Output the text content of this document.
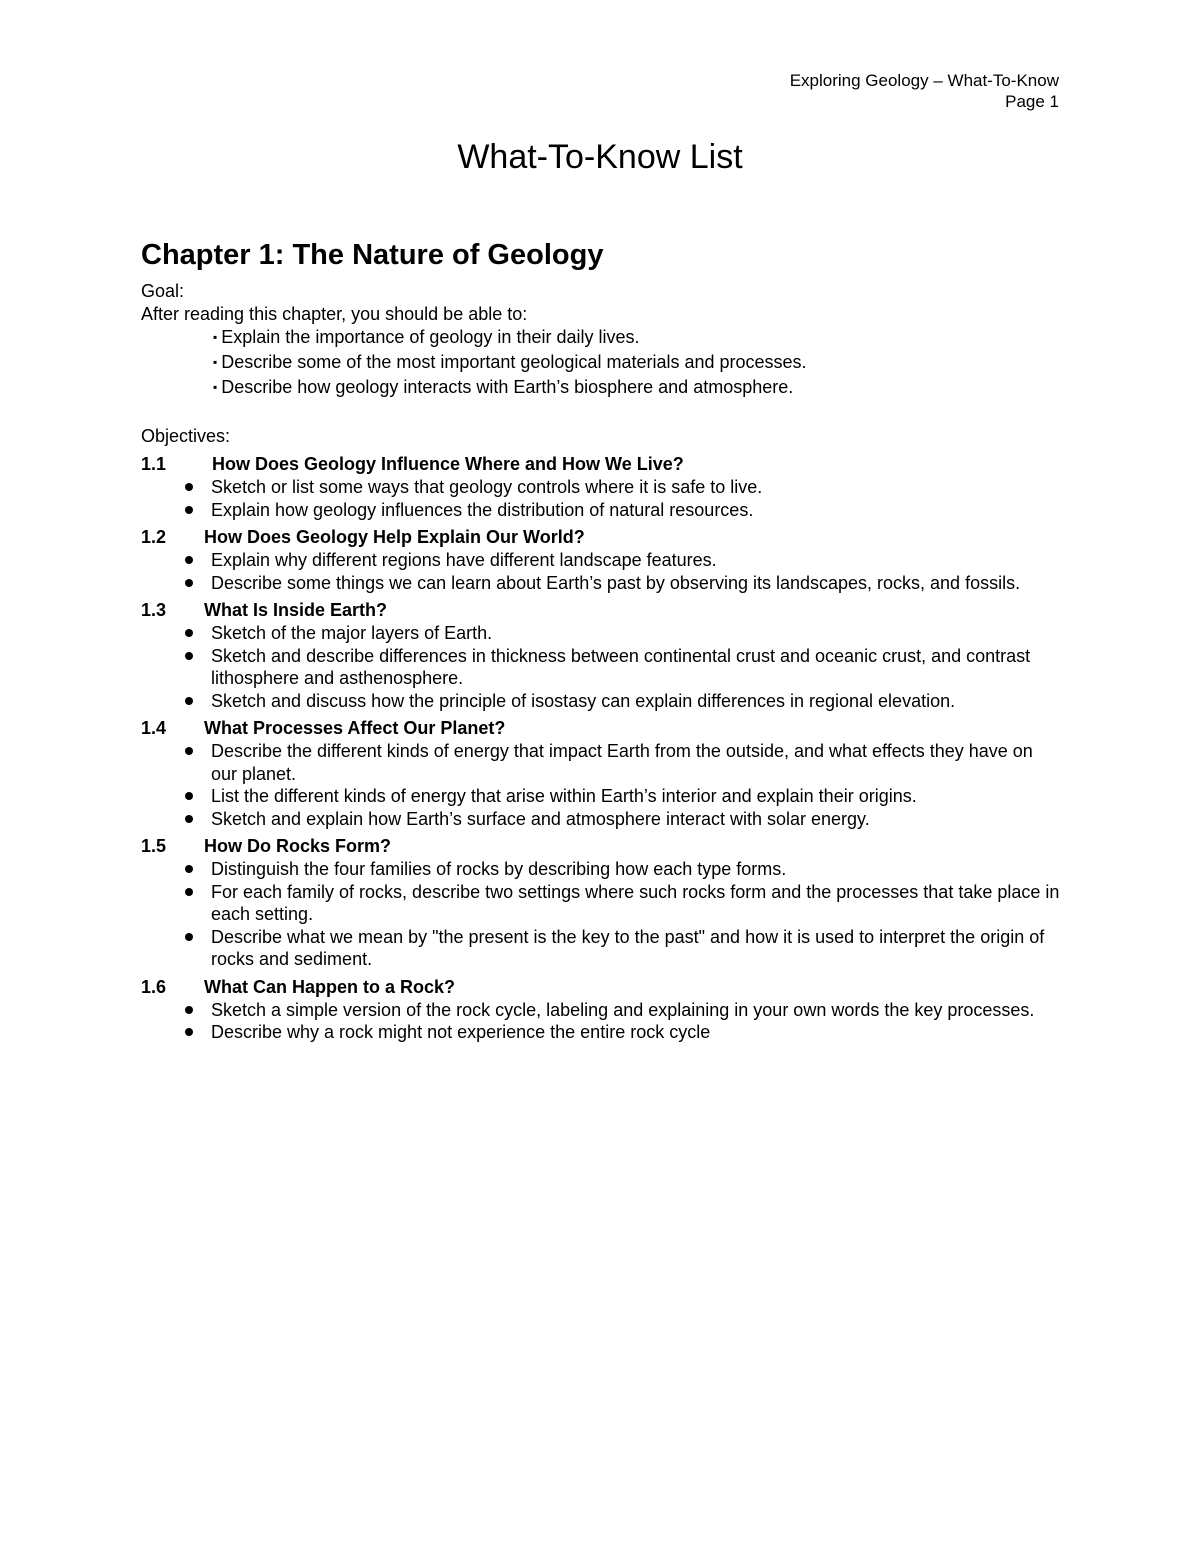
Exploring Geology – What-To-Know
Page 1
What-To-Know List
Chapter 1: The Nature of Geology
Goal:
After reading this chapter, you should be able to:
▪ Explain the importance of geology in their daily lives.
▪ Describe some of the most important geological materials and processes.
▪ Describe how geology interacts with Earth’s biosphere and atmosphere.
Objectives:
1.1	How Does Geology Influence Where and How We Live?
Sketch or list some ways that geology controls where it is safe to live.
Explain how geology influences the distribution of natural resources.
1.2	How Does Geology Help Explain Our World?
Explain why different regions have different landscape features.
Describe some things we can learn about Earth’s past by observing its landscapes, rocks, and fossils.
1.3	What Is Inside Earth?
Sketch of the major layers of Earth.
Sketch and describe differences in thickness between continental crust and oceanic crust, and contrast lithosphere and asthenosphere.
Sketch and discuss how the principle of isostasy can explain differences in regional elevation.
1.4	What Processes Affect Our Planet?
Describe the different kinds of energy that impact Earth from the outside, and what effects they have on our planet.
List the different kinds of energy that arise within Earth’s interior and explain their origins.
Sketch and explain how Earth’s surface and atmosphere interact with solar energy.
1.5	How Do Rocks Form?
Distinguish the four families of rocks by describing how each type forms.
For each family of rocks, describe two settings where such rocks form and the processes that take place in each setting.
Describe what we mean by "the present is the key to the past" and how it is used to interpret the origin of rocks and sediment.
1.6	What Can Happen to a Rock?
Sketch a simple version of the rock cycle, labeling and explaining in your own words the key processes.
Describe why a rock might not experience the entire rock cycle
